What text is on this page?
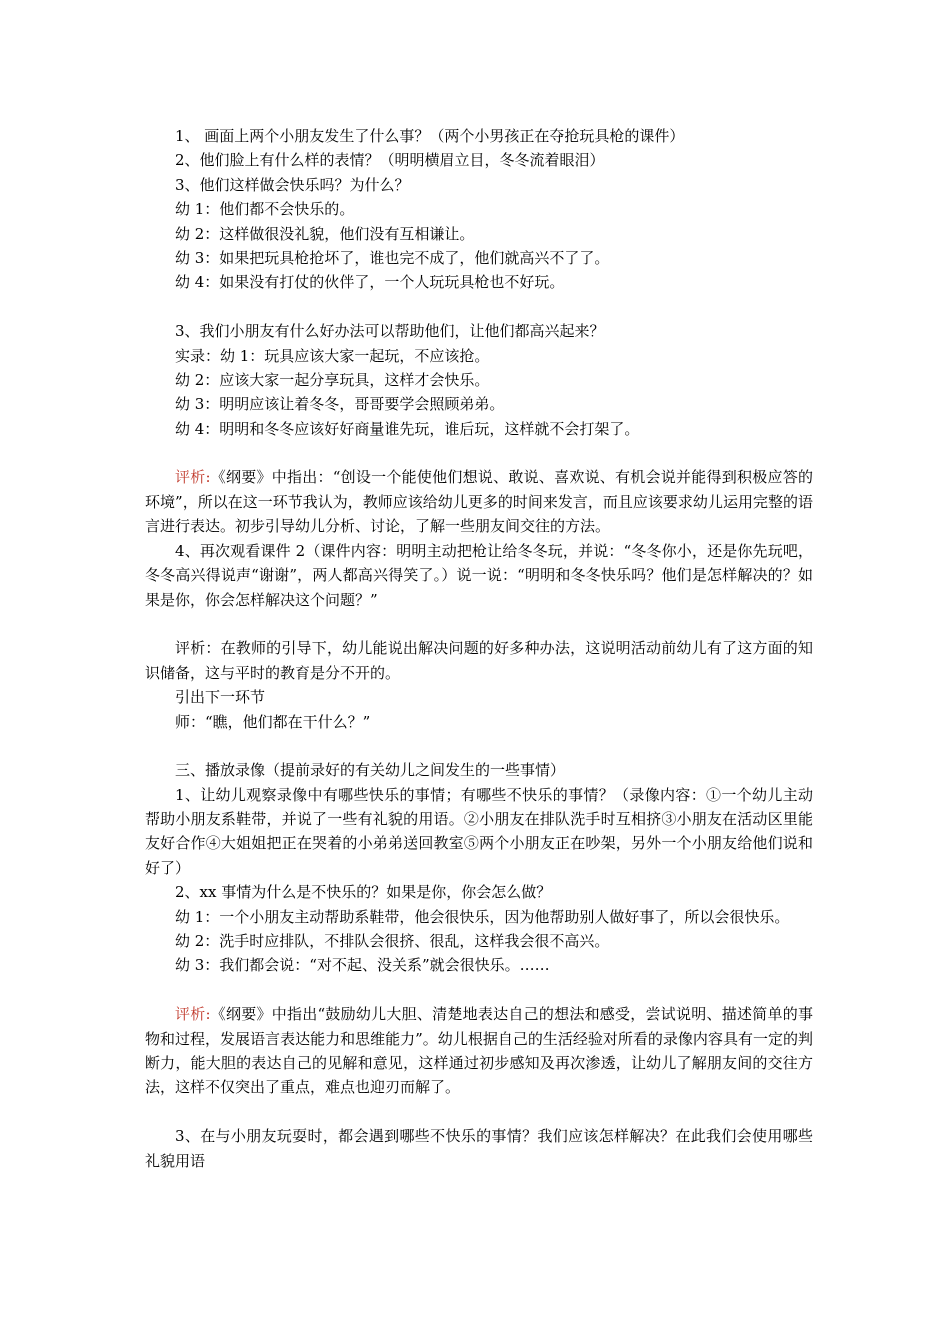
1、 画面上两个小朋友发生了什么事？（两个小男孩正在夺抢玩具枪的课件）
2、他们脸上有什么样的表情？（明明横眉立目，冬冬流着眼泪）
3、他们这样做会快乐吗？为什么？
幼 1：他们都不会快乐的。
幼 2：这样做很没礼貌，他们没有互相谦让。
幼 3：如果把玩具枪抢坏了，谁也完不成了，他们就高兴不了了。
幼 4：如果没有打仗的伙伴了，一个人玩玩具枪也不好玩。
3、我们小朋友有什么好办法可以帮助他们，让他们都高兴起来？
实录：幼 1：玩具应该大家一起玩，不应该抢。
幼 2：应该大家一起分享玩具，这样才会快乐。
幼 3：明明应该让着冬冬，哥哥要学会照顾弟弟。
幼 4：明明和冬冬应该好好商量谁先玩，谁后玩，这样就不会打架了。
评析:《纲要》中指出：“创设一个能使他们想说、敢说、喜欢说、有机会说并能得到积极应答的环境”，所以在这一环节我认为，教师应该给幼儿更多的时间来发言，而且应该要求幼儿运用完整的语言进行表达。初步引导幼儿分析、讨论，了解一些朋友间交往的方法。
4、再次观看课件 2（课件内容：明明主动把枪让给冬冬玩，并说：“冬冬你小，还是你先玩吧，冬冬高兴得说声“谢谢”，两人都高兴得笑了。）说一说：“明明和冬冬快乐吗？他们是怎样解决的？如果是你，你会怎样解决这个问题？”
评析：在教师的引导下，幼儿能说出解决问题的好多种办法，这说明活动前幼儿有了这方面的知识储备，这与平时的教育是分不开的。
引出下一环节
师：“瞧，他们都在干什么？”
三、播放录像（提前录好的有关幼儿之间发生的一些事情）
1、让幼儿观察录像中有哪些快乐的事情；有哪些不快乐的事情？（录像内容：①一个幼儿主动帮助小朋友系鞋带，并说了一些有礼貌的用语。②小朋友在排队洗手时互相挤③小朋友在活动区里能友好合作④大姐姐把正在哭着的小弟弟送回教室⑤两个小朋友正在吵架，另外一个小朋友给他们说和好了）
2、xx 事情为什么是不快乐的？如果是你，你会怎么做？
幼 1：一个小朋友主动帮助系鞋带，他会很快乐，因为他帮助别人做好事了，所以会很快乐。
幼 2：洗手时应排队，不排队会很挤、很乱，这样我会很不高兴。
幼 3：我们都会说：“对不起、没关系”就会很快乐。……
评析:《纲要》中指出“鼓励幼儿大胆、清楚地表达自己的想法和感受，尝试说明、描述简单的事物和过程，发展语言表达能力和思维能力”。幼儿根据自己的生活经验对所看的录像内容具有一定的判断力，能大胆的表达自己的见解和意见，这样通过初步感知及再次渗透，让幼儿了解朋友间的交往方法，这样不仅突出了重点，难点也迎刃而解了。
3、在与小朋友玩耍时，都会遇到哪些不快乐的事情？我们应该怎样解决？在此我们会使用哪些礼貌用语
